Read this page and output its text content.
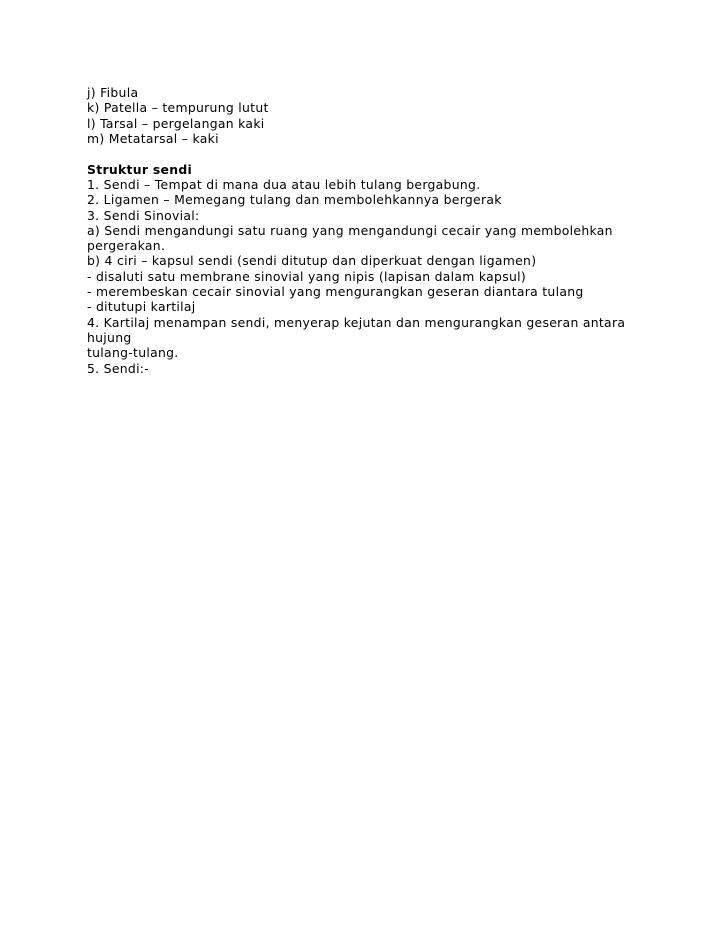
j) Fibula

k) Patella – tempurung lutut

l) Tarsal – pergelangan kaki

m) Metatarsal – kaki

Struktur sendi

1. Sendi – Tempat di mana dua atau lebih tulang bergabung.

2. Ligamen – Memegang tulang dan membolehkannya bergerak

3. Sendi Sinovial:

a) Sendi mengandungi satu ruang yang mengandungi cecair yang membolehkan

pergerakan.

b) 4 ciri – kapsul sendi (sendi ditutup dan diperkuat dengan ligamen)

- disaluti satu membrane sinovial yang nipis (lapisan dalam kapsul)

- merembeskan cecair sinovial yang mengurangkan geseran diantara tulang

- ditutupi kartilaj

4. Kartilaj menampan sendi, menyerap kejutan dan mengurangkan geseran antara

hujung

tulang-tulang.

5. Sendi:-
